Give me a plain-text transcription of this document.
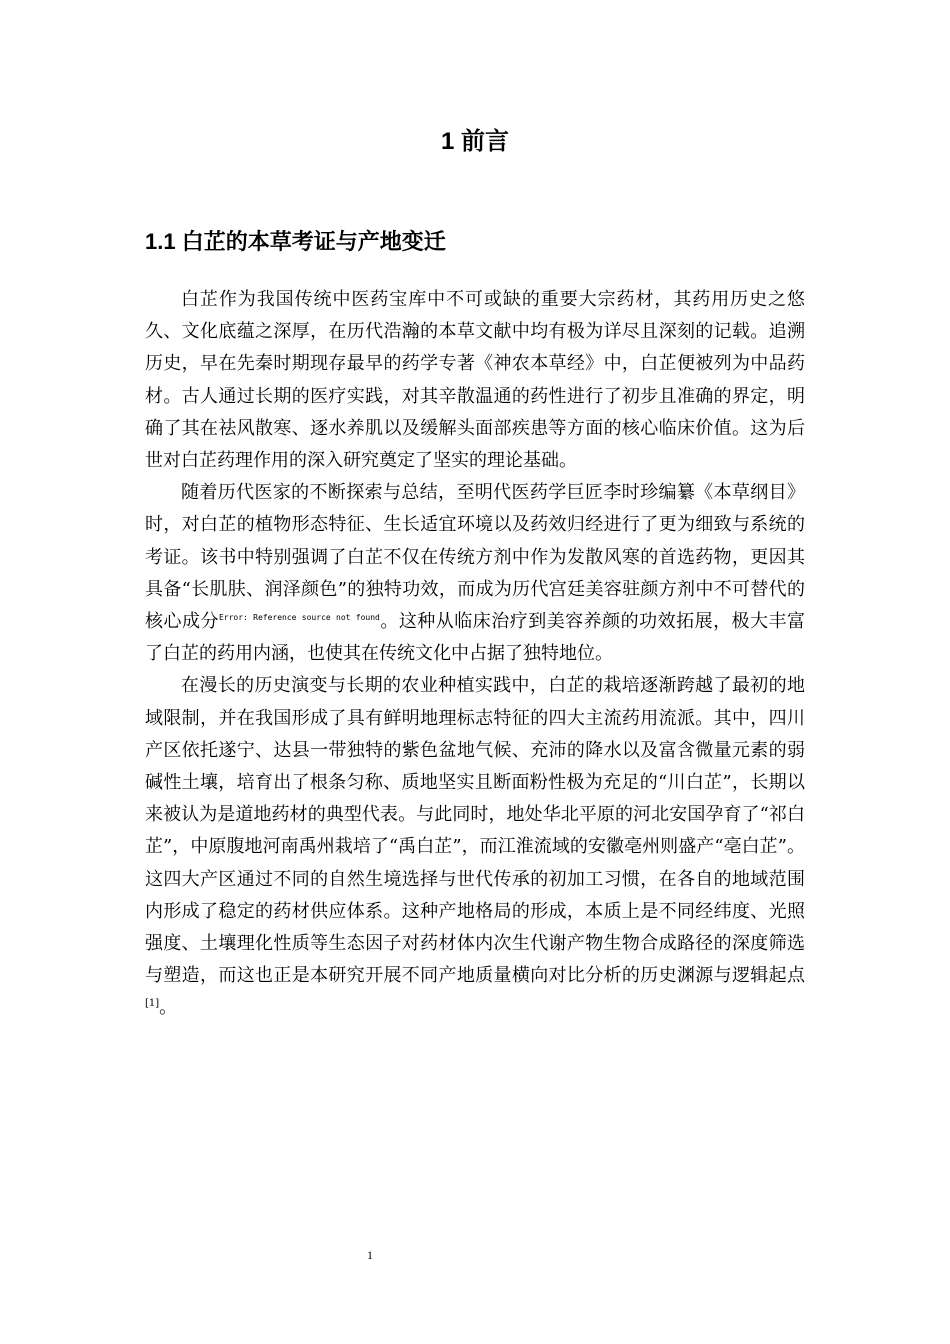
1 前言
1.1 白芷的本草考证与产地变迁

白芷作为我国传统中医药宝库中不可或缺的重要大宗药材，其药用历史之悠久、文化底蕴之深厚，在历代浩瀚的本草文献中均有极为详尽且深刻的记载。追溯历史，早在先秦时期现存最早的药学专著《神农本草经》中，白芷便被列为中品药材。古人通过长期的医疗实践，对其辛散温通的药性进行了初步且准确的界定，明确了其在祛风散寒、逐水养肌以及缓解头面部疾患等方面的核心临床价值。这为后世对白芷药理作用的深入研究奠定了坚实的理论基础。

随着历代医家的不断探索与总结，至明代医药学巨匠李时珍编纂《本草纲目》时，对白芷的植物形态特征、生长适宜环境以及药效归经进行了更为细致与系统的考证。该书中特别强调了白芷不仅在传统方剂中作为发散风寒的首选药物，更因其具备“长肌肤、润泽颜色”的独特功效，而成为历代宫廷美容驻颜方剂中不可替代的核心成分$^{Error: Reference source not found}$。这种从临床治疗到美容养颜的功效拓展，极大丰富了白芷的药用内涵，也使其在传统文化中占据了独特地位。

在漫长的历史演变与长期的农业种植实践中，白芷的栽培逐渐跨越了最初的地域限制，并在我国形成了具有鲜明地理标志特征的四大主流药用流派。其中，四川产区依托遂宁、达县一带独特的紫色盆地气候、充沛的降水以及富含微量元素的弱碱性土壤，培育出了根条匀称、质地坚实且断面粉性极为充足的“川白芷”，长期以来被认为是道地药材的典型代表。与此同时，地处华北平原的河北安国孕育了“祁白芷”，中原腹地河南禹州栽培了“禹白芷”，而江淮流域的安徽亳州则盛产“亳白芷”。这四大产区通过不同的自然生境选择与世代传承的初加工习惯，在各自的地域范围内形成了稳定的药材供应体系。这种产地格局的形成，本质上是不同经纬度、光照强度、土壤理化性质等生态因子对药材体内次生代谢产物生物合成路径的深度筛选与塑造，而这也正是本研究开展不同产地质量横向对比分析的历史渊源与逻辑起点[1]。

1
